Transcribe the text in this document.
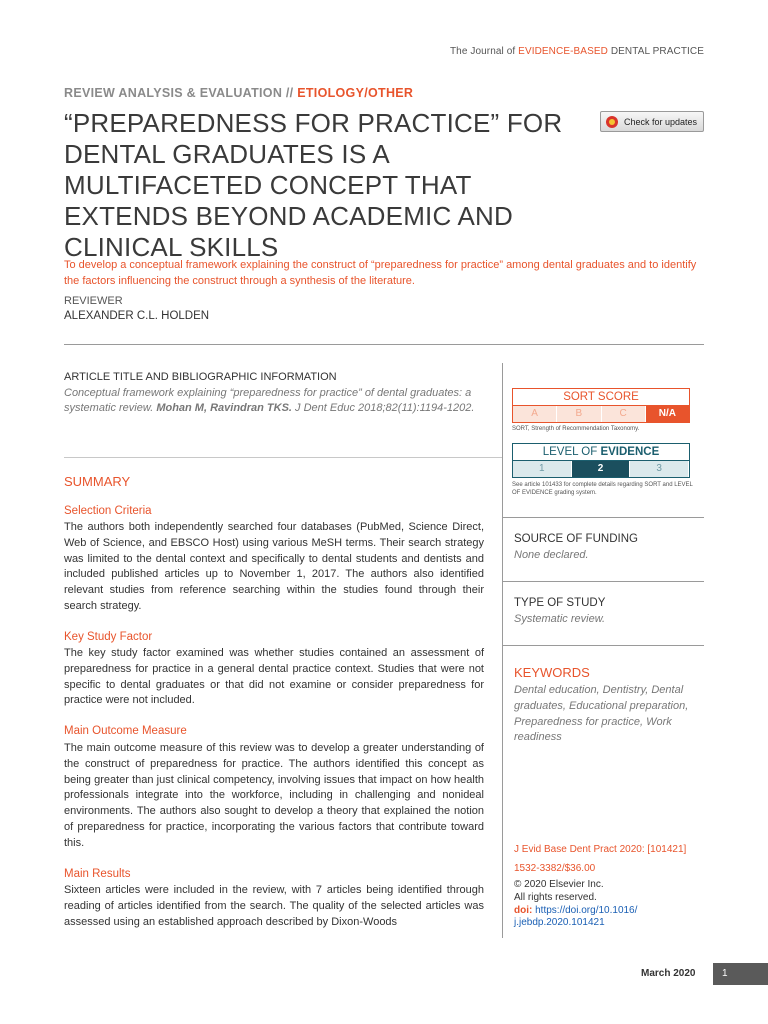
The Journal of EVIDENCE-BASED DENTAL PRACTICE
REVIEW ANALYSIS & EVALUATION // ETIOLOGY/OTHER
“PREPAREDNESS FOR PRACTICE” FOR DENTAL GRADUATES IS A MULTIFACETED CONCEPT THAT EXTENDS BEYOND ACADEMIC AND CLINICAL SKILLS
Check for updates

To develop a conceptual framework explaining the construct of “preparedness for practice” among dental graduates and to identify the factors influencing the construct through a synthesis of the literature.

REVIEWER
ALEXANDER C.L. HOLDEN
ARTICLE TITLE AND BIBLIOGRAPHIC INFORMATION
Conceptual framework explaining “preparedness for practice” of dental graduates: a systematic review. Mohan M, Ravindran TKS. J Dent Educ 2018;82(11):1194-1202.
SUMMARY
Selection Criteria

The authors both independently searched four databases (PubMed, Science Direct, Web of Science, and EBSCO Host) using various MeSH terms. Their search strategy was limited to the dental context and specifically to dental students and dentists and included published articles up to November 1, 2017. The authors also identified relevant studies from reference searching within the studies found through their search strategy.

Key Study Factor

The key study factor examined was whether studies contained an assessment of preparedness for practice in a general dental practice context. Studies that were not specific to dental graduates or that did not examine or consider preparedness for practice were not included.

Main Outcome Measure

The main outcome measure of this review was to develop a greater understanding of the construct of preparedness for practice. The authors identified this concept as being greater than just clinical competency, involving issues that impact on how health professionals integrate into the workforce, including in challenging and nonideal environments. The authors also sought to develop a theory that explained the notion of preparedness for practice, incorporating the various factors that contribute toward this.

Main Results

Sixteen articles were included in the review, with 7 articles being identified through reading of articles identified from the search. The quality of the selected articles was assessed using an established approach described by Dixon-Woods

SORT SCORE
A	B	C	N/A
SORT, Strength of Recommendation Taxonomy.
LEVEL OF EVIDENCE
1	2	3
See article 101433 for complete details regarding SORT and LEVEL OF EVIDENCE grading system.
SOURCE OF FUNDING
None declared.
TYPE OF STUDY
Systematic review.
KEYWORDS
Dental education, Dentistry, Dental graduates, Educational preparation, Preparedness for practice, Work readiness
J Evid Base Dent Pract 2020: [101421]
1532-3382/$36.00
© 2020 Elsevier Inc.
All rights reserved.
doi: https://doi.org/10.1016/
j.jebdp.2020.101421
March 2020	1
